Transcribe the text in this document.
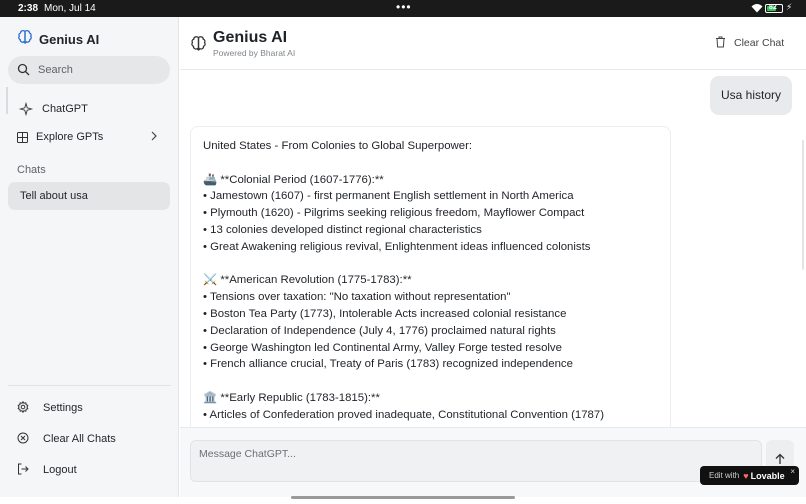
2:38 Mon, Jul 14	•••	82 ⚡
Genius AI
Search
ChatGPT
Explore GPTs
Chats
Tell about usa
Settings
Clear All Chats
Logout
Genius AI
Powered by Bharat AI
Clear Chat
Usa history
United States - From Colonies to Global Superpower:
🚢 **Colonial Period (1607-1776):**
• Jamestown (1607) - first permanent English settlement in North America
• Plymouth (1620) - Pilgrims seeking religious freedom, Mayflower Compact
• 13 colonies developed distinct regional characteristics
• Great Awakening religious revival, Enlightenment ideas influenced colonists
⚔️ **American Revolution (1775-1783):**
• Tensions over taxation: "No taxation without representation"
• Boston Tea Party (1773), Intolerable Acts increased colonial resistance
• Declaration of Independence (July 4, 1776) proclaimed natural rights
• George Washington led Continental Army, Valley Forge tested resolve
• French alliance crucial, Treaty of Paris (1783) recognized independence
🏛️ **Early Republic (1783-1815):**
• Articles of Confederation proved inadequate, Constitutional Convention (1787)
Message ChatGPT...
Edit with ♥ Lovable ×
